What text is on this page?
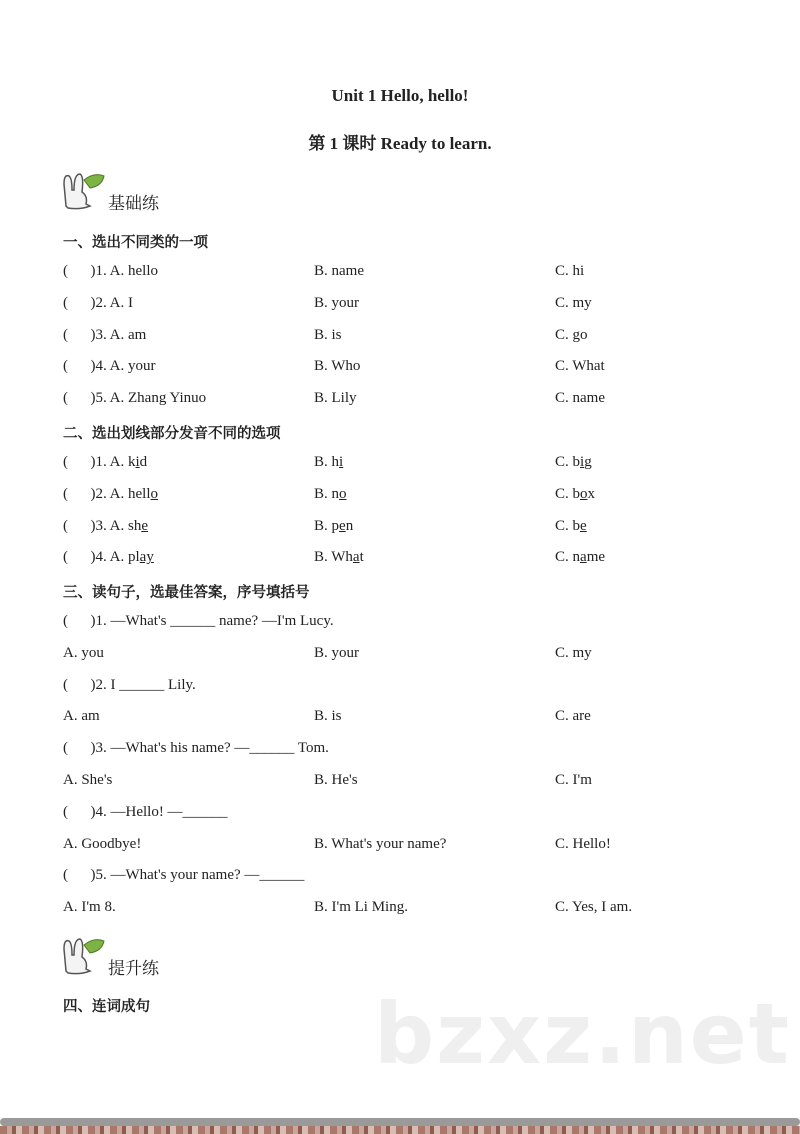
Unit 1 Hello, hello!
第 1 课时 Ready to learn.
基础练
一、选出不同类的一项
(      )1. A. hello	B. name	C. hi
(      )2. A. I	B. your	C. my
(      )3. A. am	B. is	C. go
(      )4. A. your	B. Who	C. What
(      )5. A. Zhang Yinuo	B. Lily	C. name
二、选出划线部分发音不同的选项
(      )1. A. kid	B. hi	C. big
(      )2. A. hello	B. no	C. box
(      )3. A. she	B. pen	C. be
(      )4. A. play	B. What	C. name
三、读句子，选最佳答案，序号填括号
(      )1. —What's ______ name? —I'm Lucy.
A. you	B. your	C. my
(      )2. I ______ Lily.
A. am	B. is	C. are
(      )3. —What's his name? —______ Tom.
A. She's	B. He's	C. I'm
(      )4. —Hello! —______
A. Goodbye!	B. What's your name?	C. Hello!
(      )5. —What's your name? —______
A. I'm 8.	B. I'm Li Ming.	C. Yes, I am.
提升练
四、连词成句	bzxz.net
